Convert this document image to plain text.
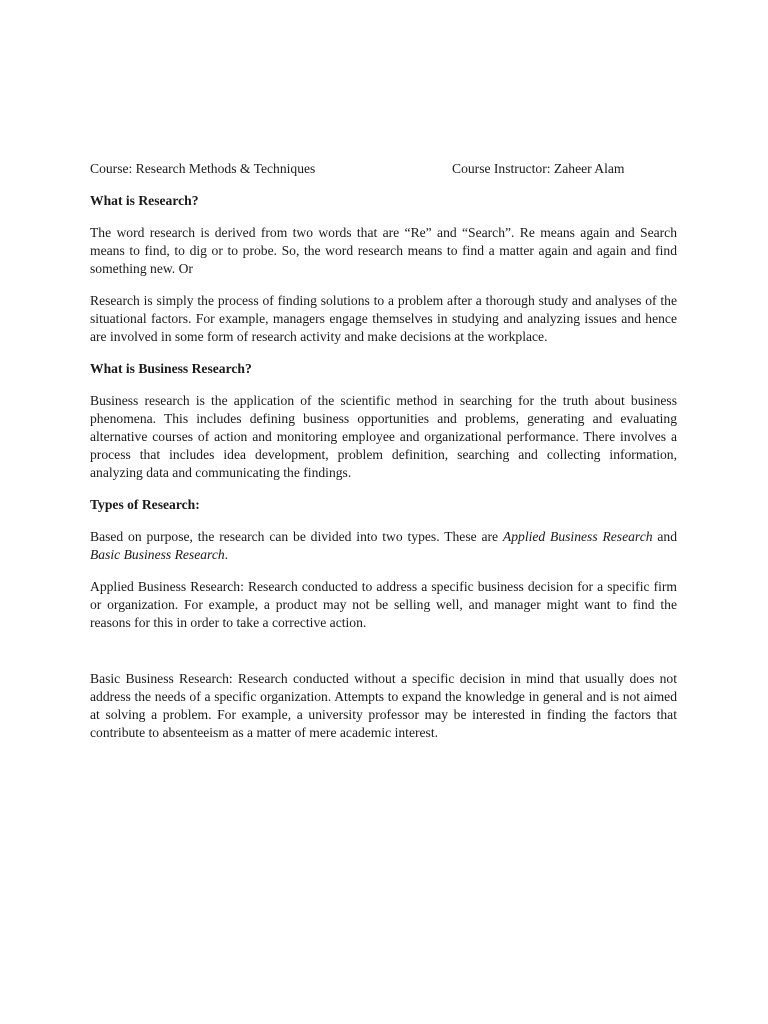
Course: Research Methods & Techniques	Course Instructor: Zaheer Alam

What is Research?

The word research is derived from two words that are “Re” and “Search”. Re means again and Search means to find, to dig or to probe. So, the word research means to find a matter again and again and find something new. Or

Research is simply the process of finding solutions to a problem after a thorough study and analyses of the situational factors. For example, managers engage themselves in studying and analyzing issues and hence are involved in some form of research activity and make decisions at the workplace.

What is Business Research?

Business research is the application of the scientific method in searching for the truth about business phenomena. This includes defining business opportunities and problems, generating and evaluating alternative courses of action and monitoring employee and organizational performance. There involves a process that includes idea development, problem definition, searching and collecting information, analyzing data and communicating the findings.

Types of Research:

Based on purpose, the research can be divided into two types. These are Applied Business Research and Basic Business Research.

Applied Business Research: Research conducted to address a specific business decision for a specific firm or organization. For example, a product may not be selling well, and manager might want to find the reasons for this in order to take a corrective action.

Basic Business Research: Research conducted without a specific decision in mind that usually does not address the needs of a specific organization. Attempts to expand the knowledge in general and is not aimed at solving a problem. For example, a university professor may be interested in finding the factors that contribute to absenteeism as a matter of mere academic interest.
